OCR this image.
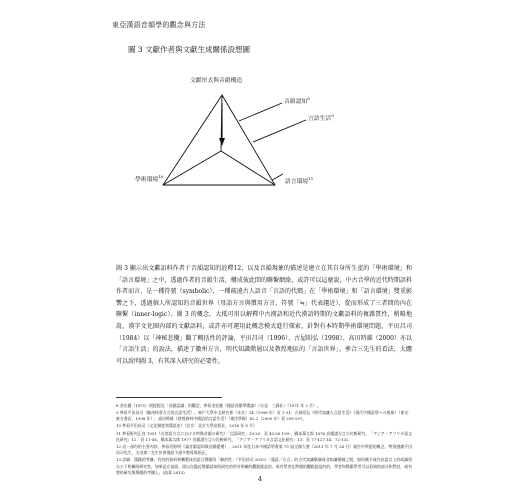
東亞漢語音韻學的觀念與方法
圖 3 文獻作者與文獻生成關係設想圖
文獻形式與音韻構造
音韻認知$^8$
言語生活$^9$
學術環境$^{10}$
語言環境$^{11}$

圖 3 顯示出文獻語料作者于音韻認知的詮釋12，以及音韻現象的描述是建立在其自身所生產的「學術環境」和「語言環境」之中，透過作者的音韻生活，構成彼此間的聯繫網絡，或許可以這麼說，中古音學的近代時期語料作者而言，是一種符號（symbolic），一種疏遠古人語音「言語的代碼」在「學術環境」和「語言環境」雙重影響之下，透過個人所認知的音韻世界（母語方言與慣用方言，符號「≒」代表趨近），從而形成了三者間的內在聯繫（inner-logic）。圖 3 的概念，大抵可用以解釋中古漢語和近代漢語時期的文獻語料的複雜質性，稍略地說，漢字文化圈內部的文獻語料，或許亦可運用此概念模式進行探索，針對有本時期學術環境問題，平田昌司（1984）以「神秘悲慟」觀了概括性的評論，平田昌司（1996）、古屋昭弘（1998）、高田時雄（2000）亦以「言語生活」的說法，描述了徽州方言，明代知識階層以及教煌地區的「言語世界」。參合三先生的看法，大體可以說明圖 3，有其深入研究的必要性。

8 金宏鍵（1971）則提提及「音韻認識」的觀念，參看金宏鍵《國語音韻學總論》（台北：三鋒社）（1971 年 2 月）。
9 參看平田昌司《徽州休寧方言的言語生活》，神戶大學中文研究會（未名）14（1996 年）頁 1-31、古屋昭弘《明代知識人言語生活》（現代中國語學への視座）（東京：東方書店，1998 年），高田時雄《敦煌資料中國語的言語生活》（東洋學報）82.2（2000 年）頁 295-297。
10 參看平田昌司《文化制度和漢語史》（北京：北京大學出版社，2016 年 8 月）
11 參看野村正良 1951《台湾語方言における特殊音韻の研究》「言語研究」19-20：頁 43-50.199-，橋本萬太郎 1976 音韻譜方言の比較研究、「アジア・アフリカ語文化研究」12：頁 11-58，橋本萬太郎 1977 音韻譜方言の比較研究、「アジア・アフリカ言語文化研究」13：頁 77-127.14：72-132
12 這一部份的主要內容，參看河野明《論音韻認知與音韻變遷》，2011 年度日本中國語學會第 75 屆全國大會（2011 年 7 月 24 日）報告中所提的概念，特別感謝平田昌司先生，太田齋二先生於會後給予諸多教導與指正。
13 詳細：漢籍的考據，有的的資料和轉製成的語言聲韻的「解的性」（平田昌司 2015）「通語／方言」的古代知識階層或非知識階層之間，如何賦予或作出語言上的或識別自主下相關的研究性，如果是在前面，即以在臨近聲韻認知的研究的所有明確的觀點既是的，或有學者在押韻的觀點說是的的，學者和聲韻學者可以看到的部分和對話，或有將的研究與聲韻的考據上，(高案 2013)
4
